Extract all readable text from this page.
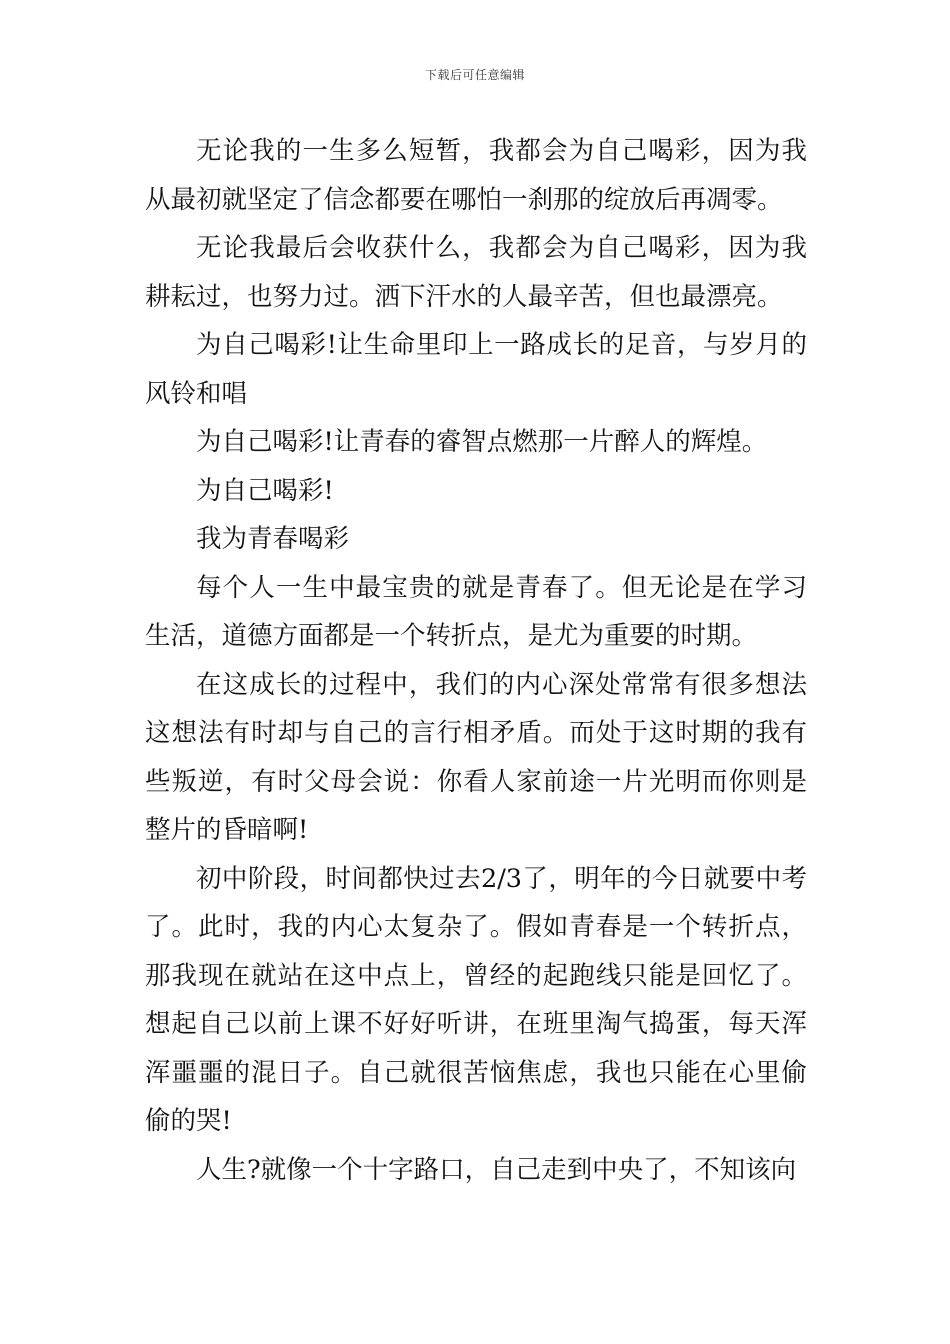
下载后可任意编辑

无论我的一生多么短暂，我都会为自己喝彩，因为我从最初就坚定了信念都要在哪怕一刹那的绽放后再凋零。

无论我最后会收获什么，我都会为自己喝彩，因为我耕耘过，也努力过。洒下汗水的人最辛苦，但也最漂亮。

为自己喝彩!让生命里印上一路成长的足音，与岁月的风铃和唱

为自己喝彩!让青春的睿智点燃那一片醉人的辉煌。

为自己喝彩!

我为青春喝彩

每个人一生中最宝贵的就是青春了。但无论是在学习生活，道德方面都是一个转折点，是尤为重要的时期。

在这成长的过程中，我们的内心深处常常有很多想法这想法有时却与自己的言行相矛盾。而处于这时期的我有些叛逆，有时父母会说：你看人家前途一片光明而你则是整片的昏暗啊!

初中阶段，时间都快过去2/3了，明年的今日就要中考了。此时，我的内心太复杂了。假如青春是一个转折点，那我现在就站在这中点上，曾经的起跑线只能是回忆了。想起自己以前上课不好好听讲，在班里淘气捣蛋，每天浑浑噩噩的混日子。自己就很苦恼焦虑，我也只能在心里偷偷的哭!

人生?就像一个十字路口，自己走到中央了，不知该向
